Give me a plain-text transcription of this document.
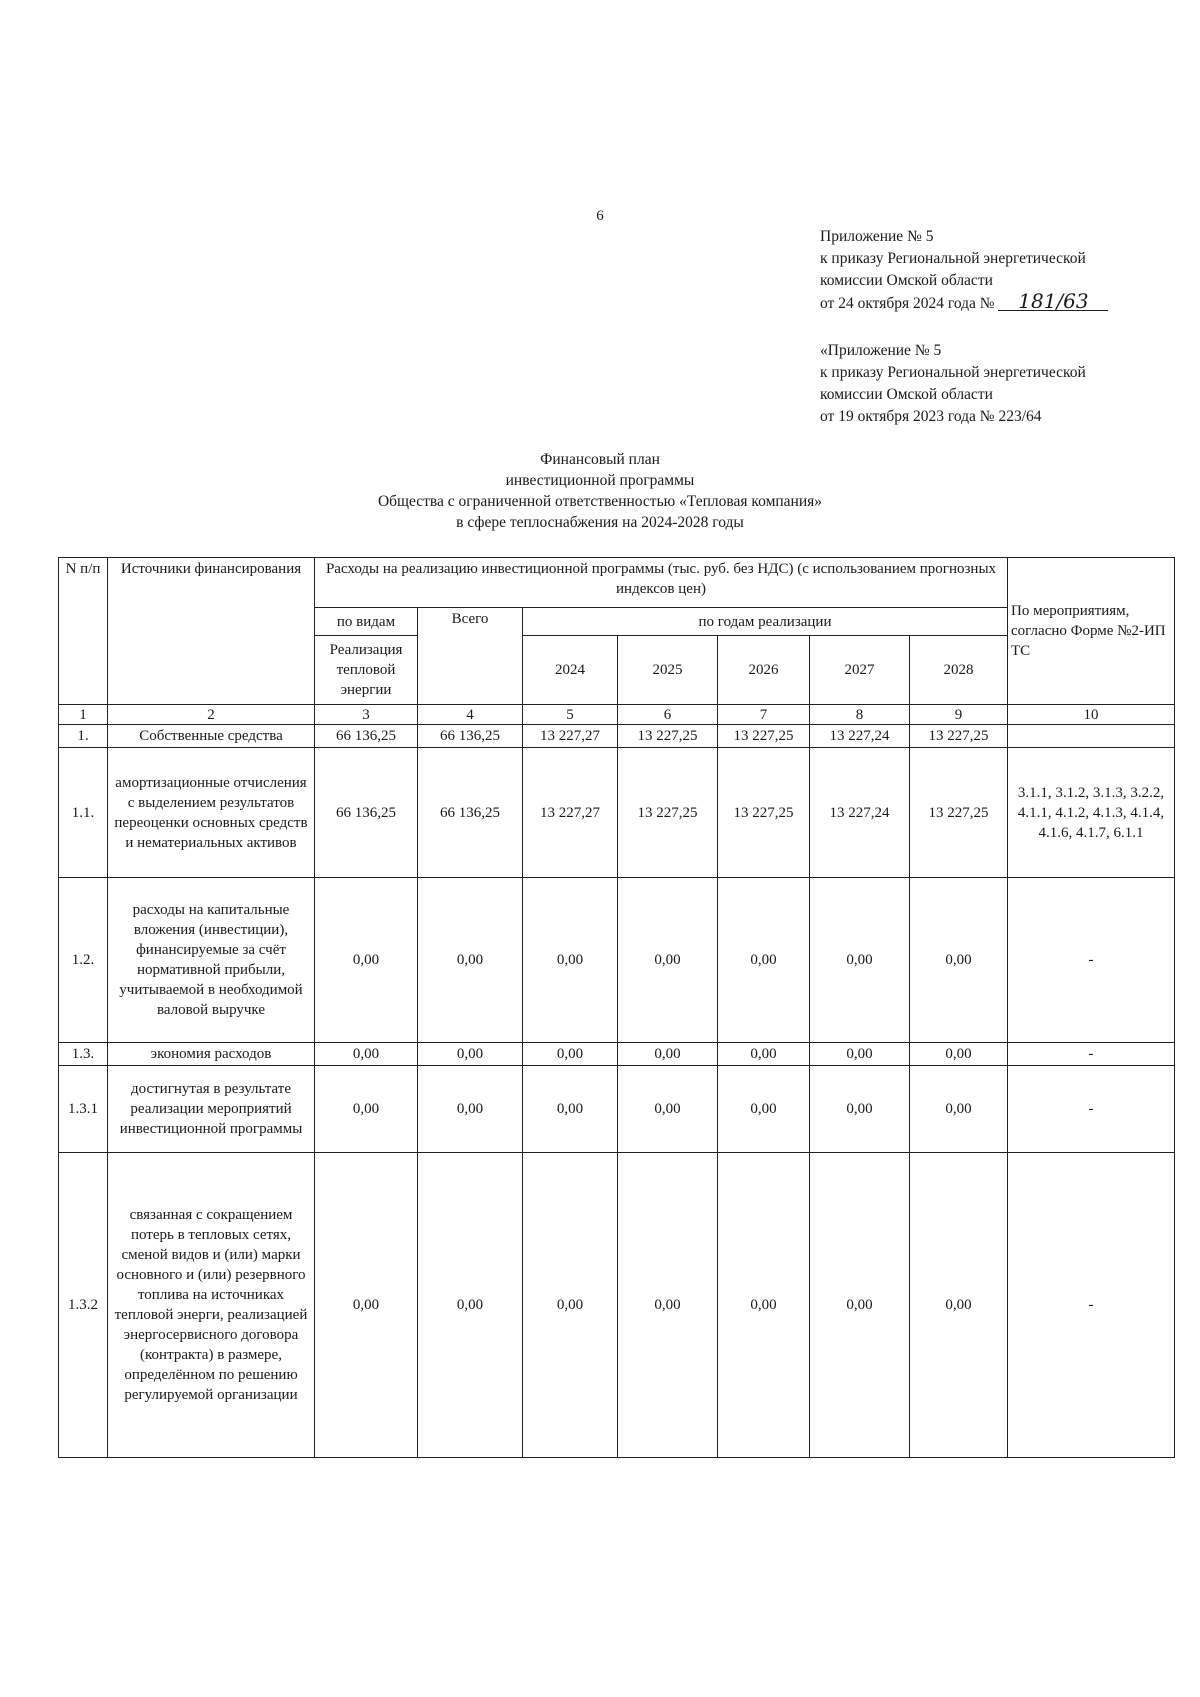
6
Приложение № 5
к приказу Региональной энергетической
комиссии Омской области
от 24 октября 2024 года № 181/63
«Приложение № 5
к приказу Региональной энергетической
комиссии Омской области
от 19 октября 2023 года № 223/64
Финансовый план
инвестиционной программы
Общества с ограниченной ответственностью «Тепловая компания»
в сфере теплоснабжения на 2024-2028 годы
N п/п	Источники финансирования	Расходы на реализацию инвестиционной программы (тыс. руб. без НДС) (с использованием прогнозных индексов цен)							По мероприятиям, согласно Форме №2-ИП ТС
		по видам	Всего	по годам реализации					
		Реализация тепловой энергии		2024	2025	2026	2027	2028	
1	2	3	4	5	6	7	8	9	10
1.	Собственные средства	66 136,25	66 136,25	13 227,27	13 227,25	13 227,25	13 227,24	13 227,25	
1.1.	амортизационные отчисления с выделением результатов переоценки основных средств и нематериальных активов	66 136,25	66 136,25	13 227,27	13 227,25	13 227,25	13 227,24	13 227,25	3.1.1, 3.1.2, 3.1.3, 3.2.2, 4.1.1, 4.1.2, 4.1.3, 4.1.4, 4.1.6, 4.1.7, 6.1.1
1.2.	расходы на капитальные вложения (инвестиции), финансируемые за счёт нормативной прибыли, учитываемой в необходимой валовой выручке	0,00	0,00	0,00	0,00	0,00	0,00	0,00	-
1.3.	экономия расходов	0,00	0,00	0,00	0,00	0,00	0,00	0,00	-
1.3.1	достигнутая в результате реализации мероприятий инвестиционной программы	0,00	0,00	0,00	0,00	0,00	0,00	0,00	-
1.3.2	связанная с сокращением потерь в тепловых сетях, сменой видов и (или) марки основного и (или) резервного топлива на источниках тепловой энерги, реализацией энергосервисного договора (контракта) в размере, определённом по решению регулируемой организации	0,00	0,00	0,00	0,00	0,00	0,00	0,00	-
